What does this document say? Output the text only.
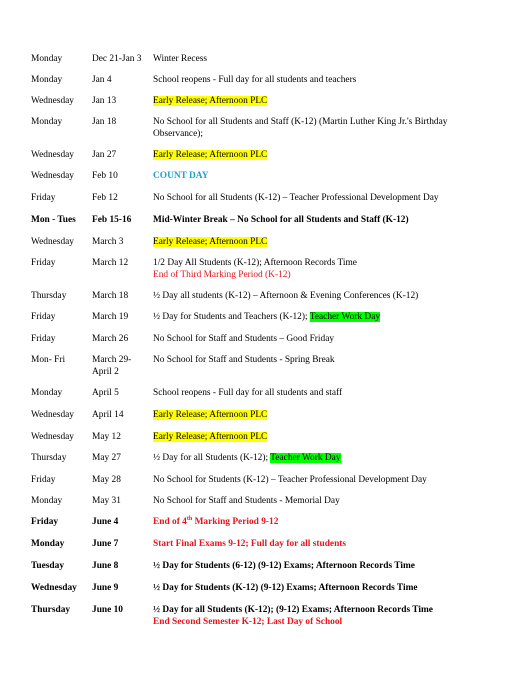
Monday	Dec 21-Jan 3	Winter Recess
Monday	Jan 4	School reopens - Full day for all students and teachers
Wednesday	Jan 13	Early Release; Afternoon PLC
Monday	Jan 18	No School for all Students and Staff (K-12) (Martin Luther King Jr.'s Birthday Observance);
Wednesday	Jan 27	Early Release; Afternoon PLC
Wednesday	Feb 10	COUNT DAY
Friday	Feb 12	No School for all Students (K-12) – Teacher Professional Development Day
Mon - Tues	Feb 15-16	Mid-Winter Break – No School for all Students and Staff (K-12)
Wednesday	March 3	Early Release; Afternoon PLC
Friday	March 12	1/2 Day All Students (K-12); Afternoon Records Time
End of Third Marking Period (K-12)
Thursday	March 18	½ Day all students (K-12) – Afternoon & Evening Conferences (K-12)
Friday	March 19	½ Day for Students and Teachers (K-12); Teacher Work Day
Friday	March 26	No School for Staff and Students – Good Friday
Mon- Fri	March 29-April 2
No School for Staff and Students - Spring Break
Monday	April 5	School reopens - Full day for all students and staff
Wednesday	April 14	Early Release; Afternoon PLC
Wednesday	May 12	Early Release; Afternoon PLC
Thursday	May 27	½ Day for all Students (K-12); Teacher Work Day
Friday	May 28	No School for Students (K-12) – Teacher Professional Development Day
Monday	May 31	No School for Staff and Students - Memorial Day
Friday	June 4	End of 4th Marking Period 9-12
Monday	June 7	Start Final Exams 9-12; Full day for all students
Tuesday	June 8	½ Day for Students (6-12) (9-12) Exams; Afternoon Records Time
Wednesday	June 9	½ Day for Students (K-12) (9-12) Exams; Afternoon Records Time
Thursday	June 10	½ Day for all Students (K-12); (9-12) Exams; Afternoon Records Time
End Second Semester K-12; Last Day of School
